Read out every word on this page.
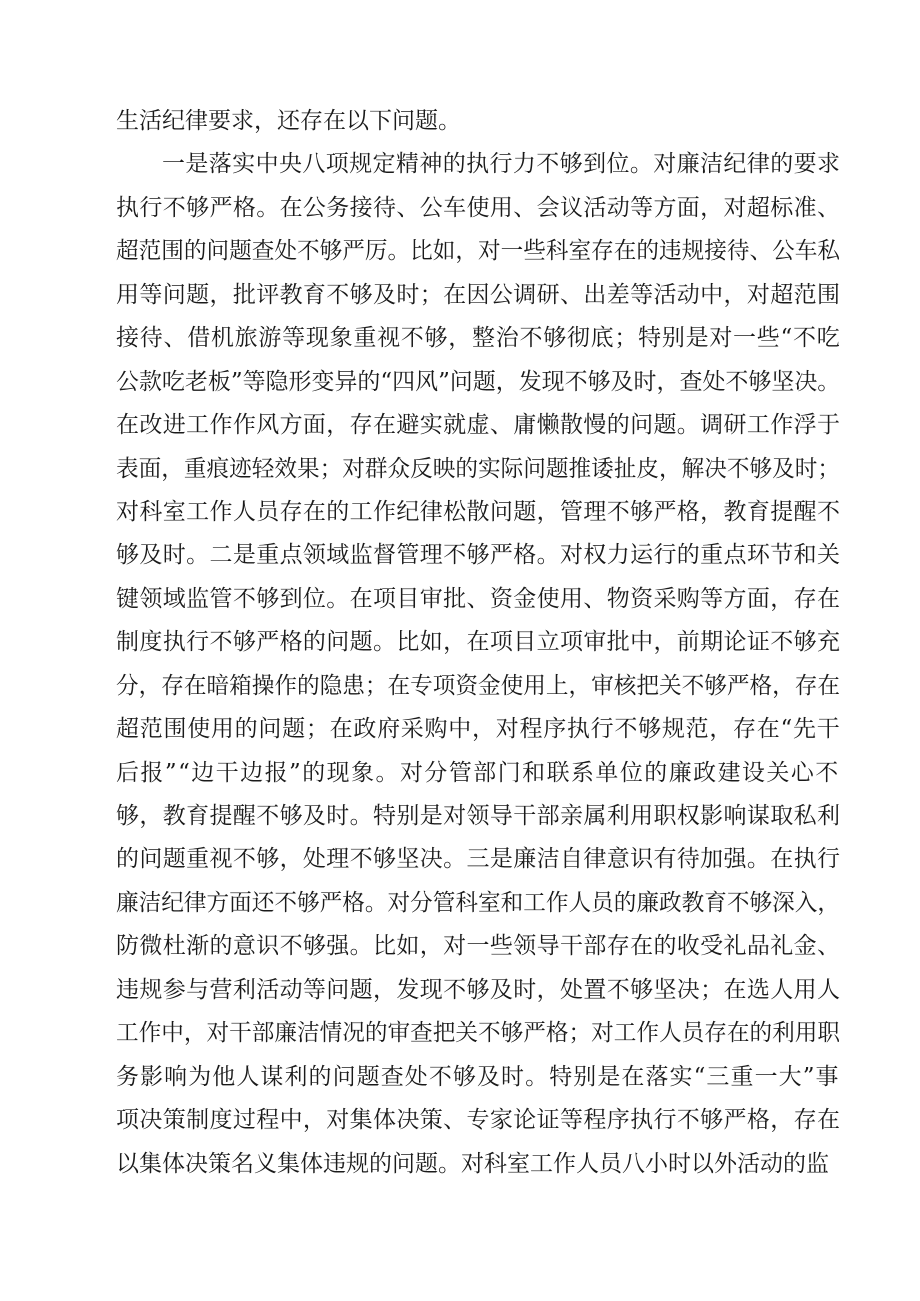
生活纪律要求，还存在以下问题。
一是落实中央八项规定精神的执行力不够到位。对廉洁纪律的要求
执行不够严格。在公务接待、公车使用、会议活动等方面，对超标准、
超范围的问题查处不够严厉。比如，对一些科室存在的违规接待、公车私
用等问题，批评教育不够及时；在因公调研、出差等活动中，对超范围
接待、借机旅游等现象重视不够，整治不够彻底；特别是对一些“不吃
公款吃老板”等隐形变异的“四风”问题，发现不够及时，查处不够坚决。
在改进工作作风方面，存在避实就虚、庸懒散慢的问题。调研工作浮于
表面，重痕迹轻效果；对群众反映的实际问题推诿扯皮，解决不够及时；
对科室工作人员存在的工作纪律松散问题，管理不够严格，教育提醒不
够及时。二是重点领域监督管理不够严格。对权力运行的重点环节和关
键领域监管不够到位。在项目审批、资金使用、物资采购等方面，存在
制度执行不够严格的问题。比如，在项目立项审批中，前期论证不够充
分，存在暗箱操作的隐患；在专项资金使用上，审核把关不够严格，存在
超范围使用的问题；在政府采购中，对程序执行不够规范，存在“先干
后报”“边干边报”的现象。对分管部门和联系单位的廉政建设关心不
够，教育提醒不够及时。特别是对领导干部亲属利用职权影响谋取私利
的问题重视不够，处理不够坚决。三是廉洁自律意识有待加强。在执行
廉洁纪律方面还不够严格。对分管科室和工作人员的廉政教育不够深入，
防微杜渐的意识不够强。比如，对一些领导干部存在的收受礼品礼金、
违规参与营利活动等问题，发现不够及时，处置不够坚决；在选人用人
工作中，对干部廉洁情况的审查把关不够严格；对工作人员存在的利用职
务影响为他人谋利的问题查处不够及时。特别是在落实“三重一大”事
项决策制度过程中，对集体决策、专家论证等程序执行不够严格，存在
以集体决策名义集体违规的问题。对科室工作人员八小时以外活动的监
